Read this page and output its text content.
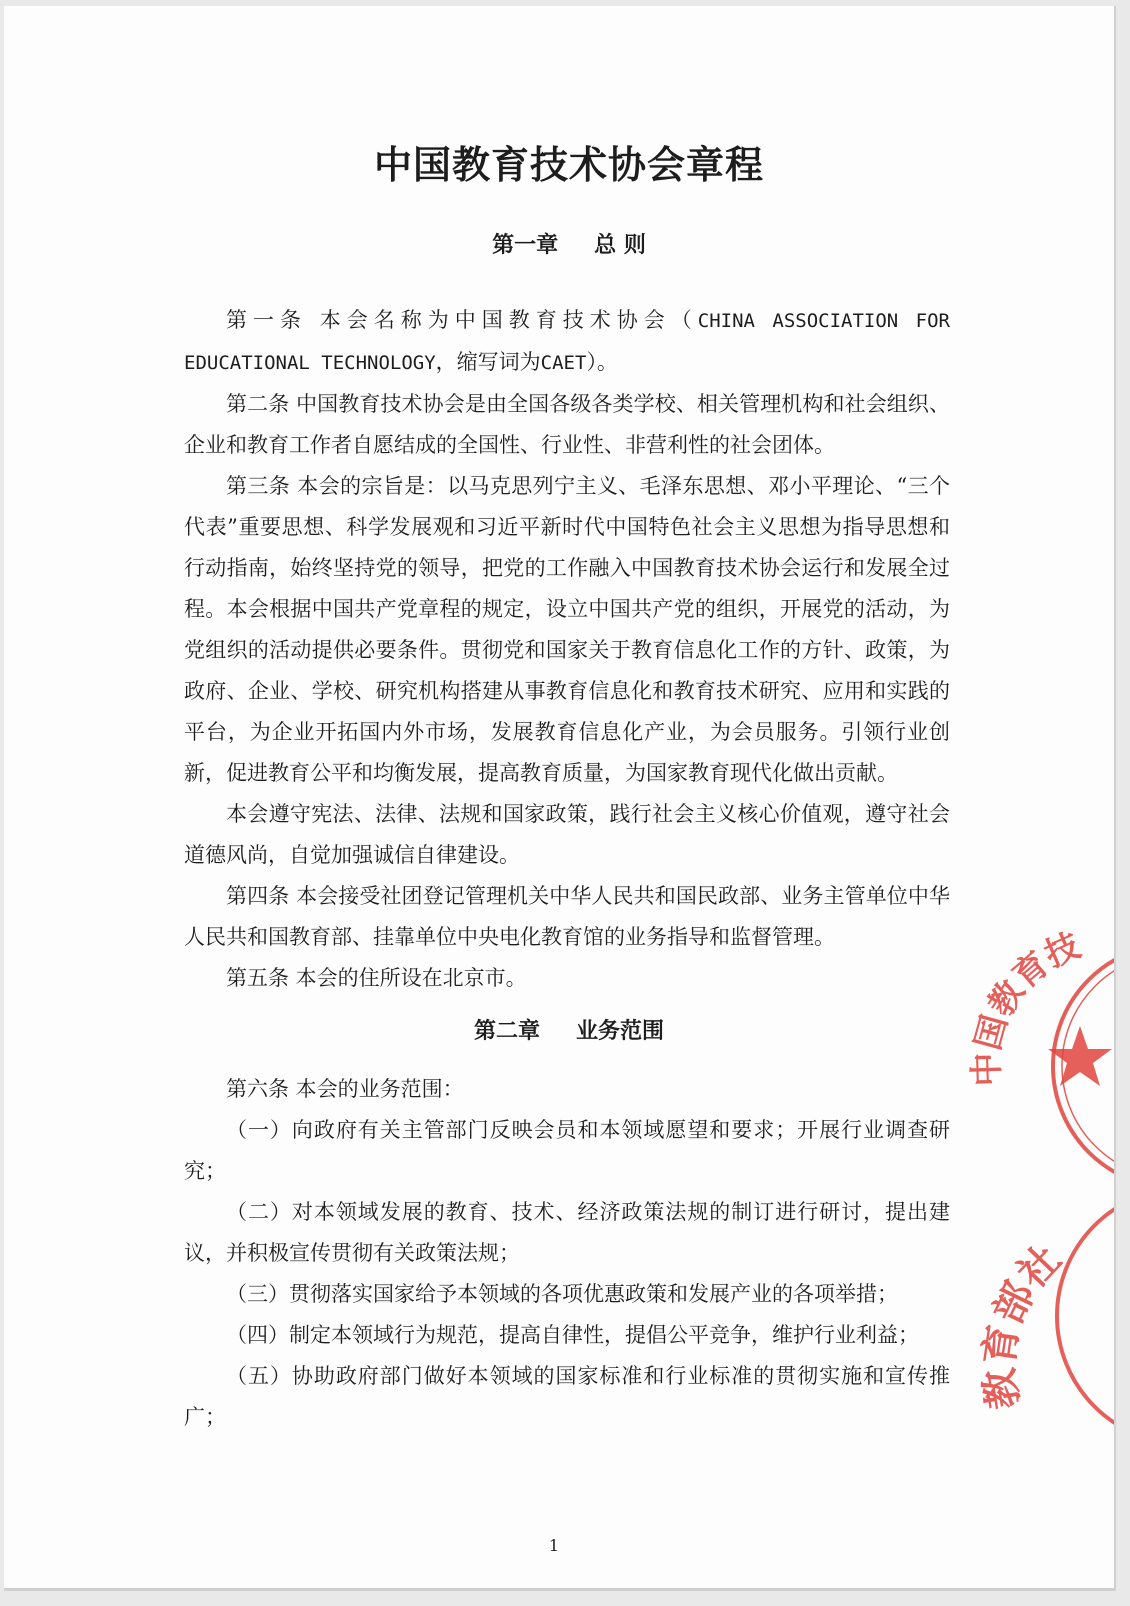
中国教育技术协会章程
第一章 总 则

第一条 本会名称为中国教育技术协会（CHINA ASSOCIATION FOR EDUCATIONAL TECHNOLOGY，缩写词为CAET）。

第二条 中国教育技术协会是由全国各级各类学校、相关管理机构和社会组织、企业和教育工作者自愿结成的全国性、行业性、非营利性的社会团体。

第三条 本会的宗旨是：以马克思列宁主义、毛泽东思想、邓小平理论、“三个代表”重要思想、科学发展观和习近平新时代中国特色社会主义思想为指导思想和行动指南，始终坚持党的领导，把党的工作融入中国教育技术协会运行和发展全过程。本会根据中国共产党章程的规定，设立中国共产党的组织，开展党的活动，为党组织的活动提供必要条件。贯彻党和国家关于教育信息化工作的方针、政策，为政府、企业、学校、研究机构搭建从事教育信息化和教育技术研究、应用和实践的平台，为企业开拓国内外市场，发展教育信息化产业，为会员服务。引领行业创新，促进教育公平和均衡发展，提高教育质量，为国家教育现代化做出贡献。

本会遵守宪法、法律、法规和国家政策，践行社会主义核心价值观，遵守社会道德风尚，自觉加强诚信自律建设。

第四条 本会接受社团登记管理机关中华人民共和国民政部、业务主管单位中华人民共和国教育部、挂靠单位中央电化教育馆的业务指导和监督管理。

第五条 本会的住所设在北京市。

第二章 业务范围

第六条 本会的业务范围：

（一）向政府有关主管部门反映会员和本领域愿望和要求；开展行业调查研究；

（二）对本领域发展的教育、技术、经济政策法规的制订进行研讨，提出建议，并积极宣传贯彻有关政策法规；

（三）贯彻落实国家给予本领域的各项优惠政策和发展产业的各项举措；

（四）制定本领域行为规范，提高自律性，提倡公平竞争，维护行业利益；

（五）协助政府部门做好本领域的国家标准和行业标准的贯彻实施和宣传推广；

中国教育技
教育部社
1
